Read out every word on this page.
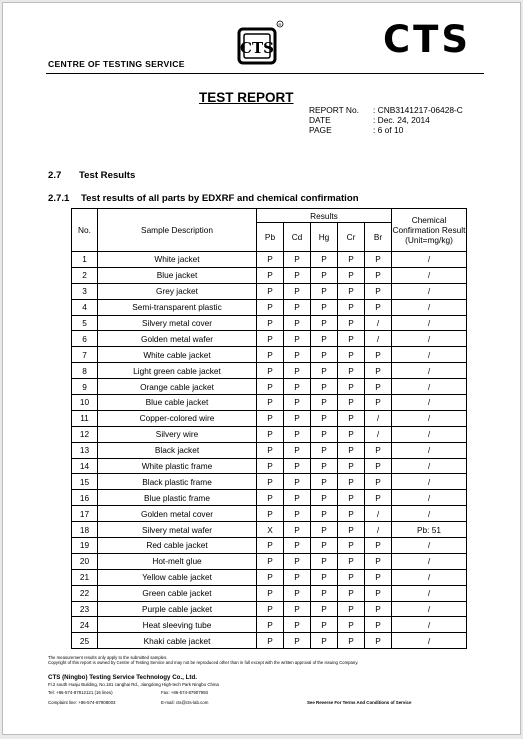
CENTRE OF TESTING SERVICE
CTS
R	CTS
TEST REPORT
REPORT No.	: CNB3141217-06428-C
DATE	: Dec. 24, 2014
PAGE	: 6 of 10
2.7 Test Results
2.7.1 Test results of all parts by EDXRF and chemical confirmation
No.	Sample Description	Results					Chemical Confirmation Result (Unit=mg/kg)
		Pb	Cd	Hg	Cr	Br	
1	White jacket	P	P	P	P	P	/
2	Blue jacket	P	P	P	P	P	/
3	Grey jacket	P	P	P	P	P	/
4	Semi-transparent plastic	P	P	P	P	P	/
5	Silvery metal cover	P	P	P	P	/	/
6	Golden metal wafer	P	P	P	P	/	/
7	White cable jacket	P	P	P	P	P	/
8	Light green cable jacket	P	P	P	P	P	/
9	Orange cable jacket	P	P	P	P	P	/
10	Blue cable jacket	P	P	P	P	P	/
11	Copper-colored wire	P	P	P	P	/	/
12	Silvery wire	P	P	P	P	/	/
13	Black jacket	P	P	P	P	P	/
14	White plastic frame	P	P	P	P	P	/
15	Black plastic frame	P	P	P	P	P	/
16	Blue plastic frame	P	P	P	P	P	/
17	Golden metal cover	P	P	P	P	/	/
18	Silvery metal wafer	X	P	P	P	/	Pb: 51
19	Red cable jacket	P	P	P	P	P	/
20	Hot-melt glue	P	P	P	P	P	/
21	Yellow cable jacket	P	P	P	P	P	/
22	Green cable jacket	P	P	P	P	P	/
23	Purple cable jacket	P	P	P	P	P	/
24	Heat sleeving tube	P	P	P	P	P	/
25	Khaki cable jacket	P	P	P	P	P	/
The measurement results only apply to the submitted samples.
Copyright of this report is owned by Centre of Testing Service and may not be reproduced other than in full except with the written approval of the issuing Company.
CTS (Ningbo) Testing Service Technology Co., Ltd.
Fl.2 south Huaju Building, No.181 canghai Rd., Jiangdong High-tech Park Ningbo China
Tel: +86-574-87912121 (16 lines)	Fax: +86-574-87907993
Complaint line: +86-574-87908003	E-mail: cts@cts-lab.com	See Reverse For Terms And Conditions of Service
